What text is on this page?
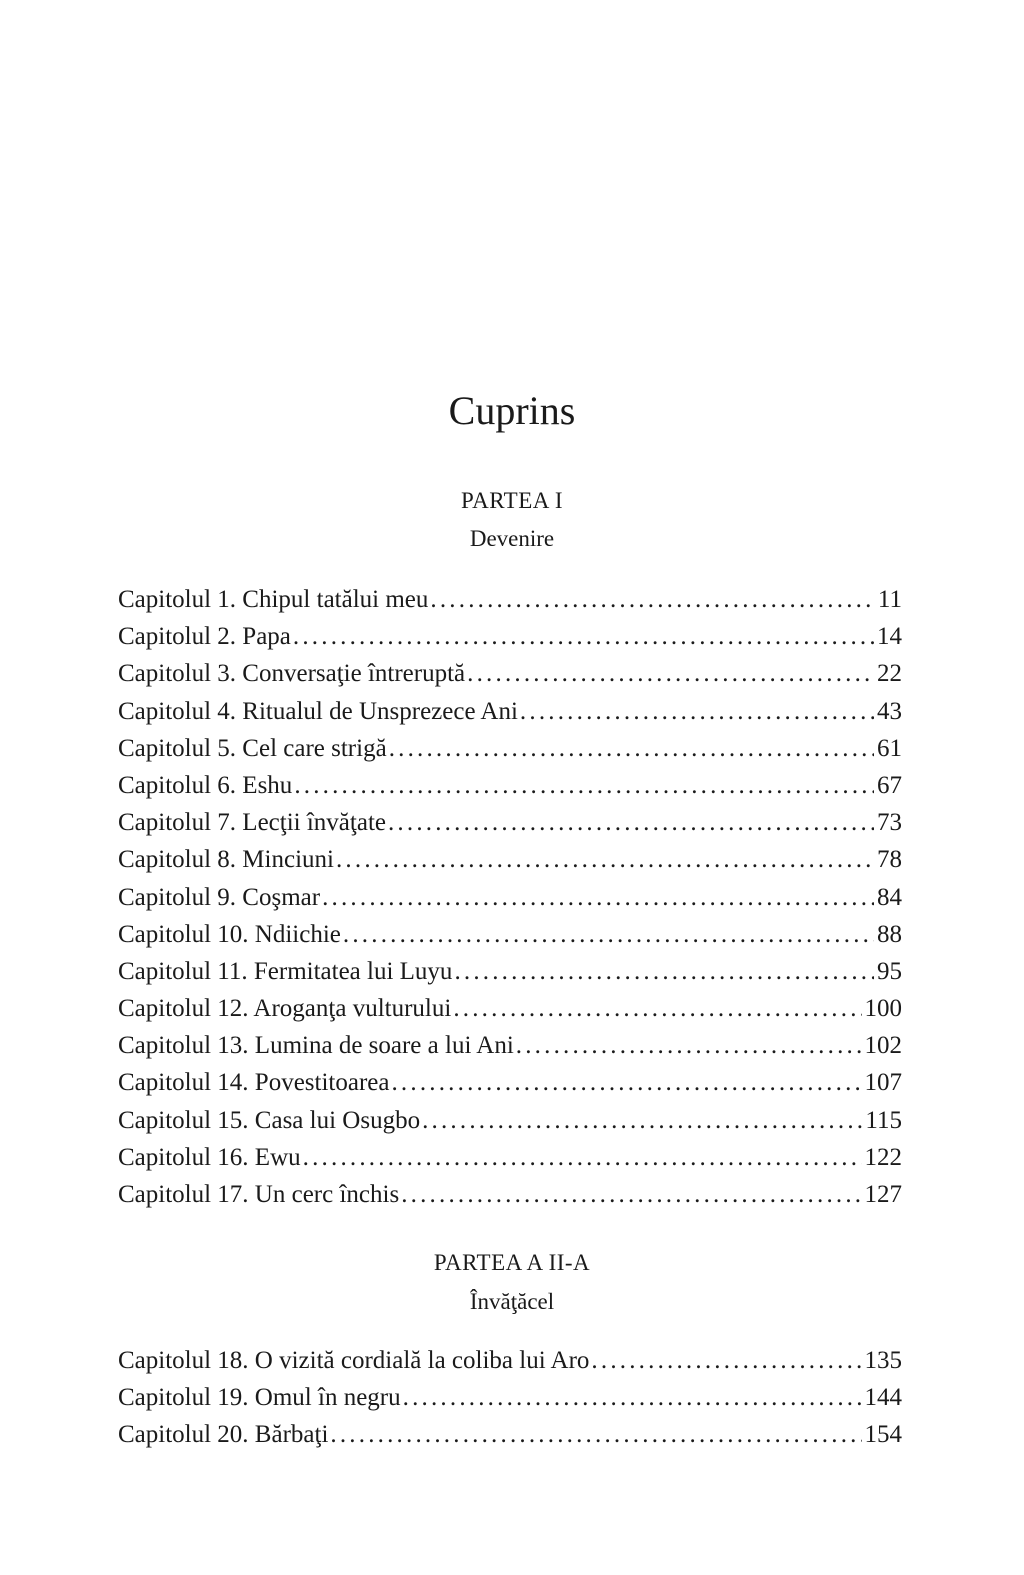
Cuprins
PARTEA I
Devenire
Capitolul 1. Chipul tatălui meu .....	11
Capitolul 2. Papa .....	14
Capitolul 3. Conversaţie întreruptă .....	22
Capitolul 4. Ritualul de Unsprezece Ani .....	43
Capitolul 5. Cel care strigă .....	61
Capitolul 6. Eshu .....	67
Capitolul 7. Lecţii învăţate .....	73
Capitolul 8. Minciuni .....	78
Capitolul 9. Coşmar .....	84
Capitolul 10. Ndiichie .....	88
Capitolul 11. Fermitatea lui Luyu .....	95
Capitolul 12. Aroganţa vulturului .....	100
Capitolul 13. Lumina de soare a lui Ani .....	102
Capitolul 14. Povestitoarea .....	107
Capitolul 15. Casa lui Osugbo .....	115
Capitolul 16. Ewu .....	122
Capitolul 17. Un cerc închis .....	127
PARTEA A II-A
Învăţăcel
Capitolul 18. O vizită cordială la coliba lui Aro .....	135
Capitolul 19. Omul în negru .....	144
Capitolul 20. Bărbaţi .....	154
